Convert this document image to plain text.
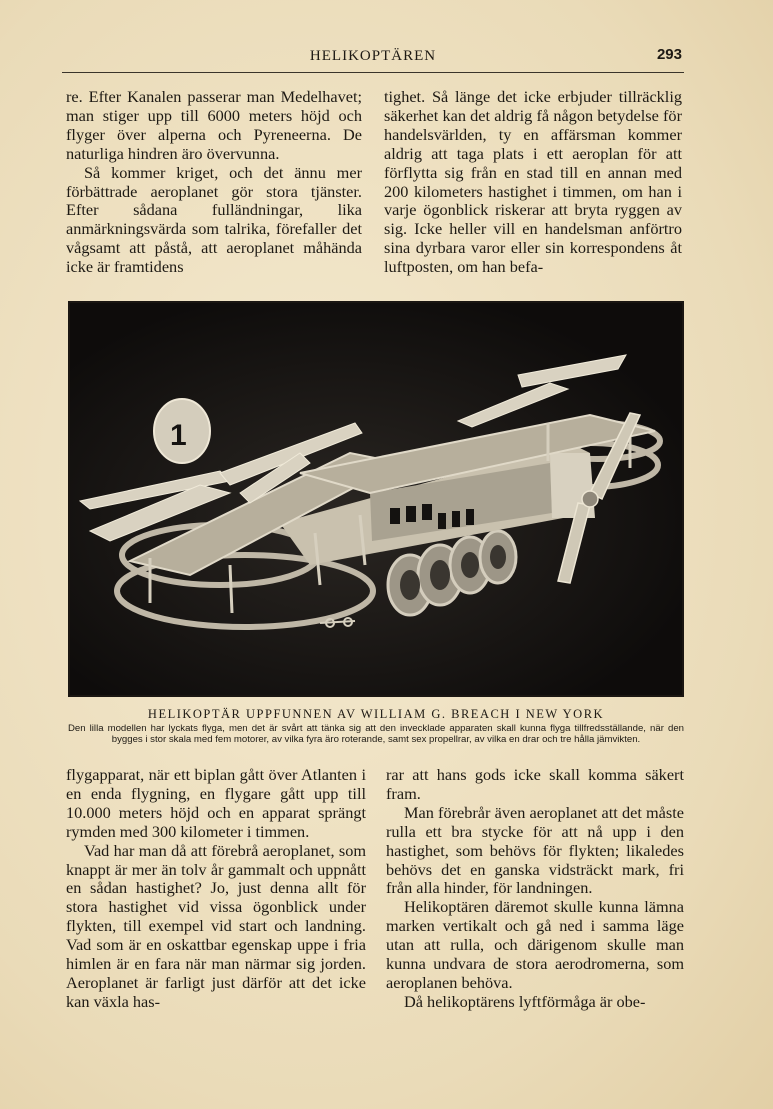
HELIKOPTÄREN	293

re. Efter Kanalen passerar man Medelhavet; man stiger upp till 6000 meters höjd och flyger över alperna och Pyreneerna. De naturliga hindren äro övervunna.

Så kommer kriget, och det ännu mer förbättrade aeroplanet gör stora tjänster. Efter sådana fulländningar, lika anmärkningsvärda som talrika, förefaller det vågsamt att påstå, att aeroplanet måhända icke är framtidens

tighet. Så länge det icke erbjuder tillräcklig säkerhet kan det aldrig få någon betydelse för handelsvärlden, ty en affärsman kommer aldrig att taga plats i ett aeroplan för att förflytta sig från en stad till en annan med 200 kilometers hastighet i timmen, om han i varje ögonblick riskerar att bryta ryggen av sig. Icke heller vill en handelsman anförtro sina dyrbara varor eller sin korrespondens åt luftposten, om han befa-

1
HELIKOPTÄR UPPFUNNEN AV WILLIAM G. BREACH I NEW YORK
Den lilla modellen har lyckats flyga, men det är svårt att tänka sig att den invecklade apparaten skall kunna flyga tillfredsställande, när den bygges i stor skala med fem motorer, av vilka fyra äro roterande, samt sex propellrar, av vilka en drar och tre hålla jämvikten.

flygapparat, när ett biplan gått över Atlanten i en enda flygning, en flygare gått upp till 10.000 meters höjd och en apparat sprängt rymden med 300 kilometer i timmen.

Vad har man då att förebrå aeroplanet, som knappt är mer än tolv år gammalt och uppnått en sådan hastighet? Jo, just denna allt för stora hastighet vid vissa ögonblick under flykten, till exempel vid start och landning. Vad som är en oskattbar egenskap uppe i fria himlen är en fara när man närmar sig jorden. Aeroplanet är farligt just därför att det icke kan växla has-

rar att hans gods icke skall komma säkert fram.

Man förebrår även aeroplanet att det måste rulla ett bra stycke för att nå upp i den hastighet, som behövs för flykten; likaledes behövs det en ganska vidsträckt mark, fri från alla hinder, för landningen.

Helikoptären däremot skulle kunna lämna marken vertikalt och gå ned i samma läge utan att rulla, och därigenom skulle man kunna undvara de stora aerodromerna, som aeroplanen behöva.

Då helikoptärens lyftförmåga är obe-
